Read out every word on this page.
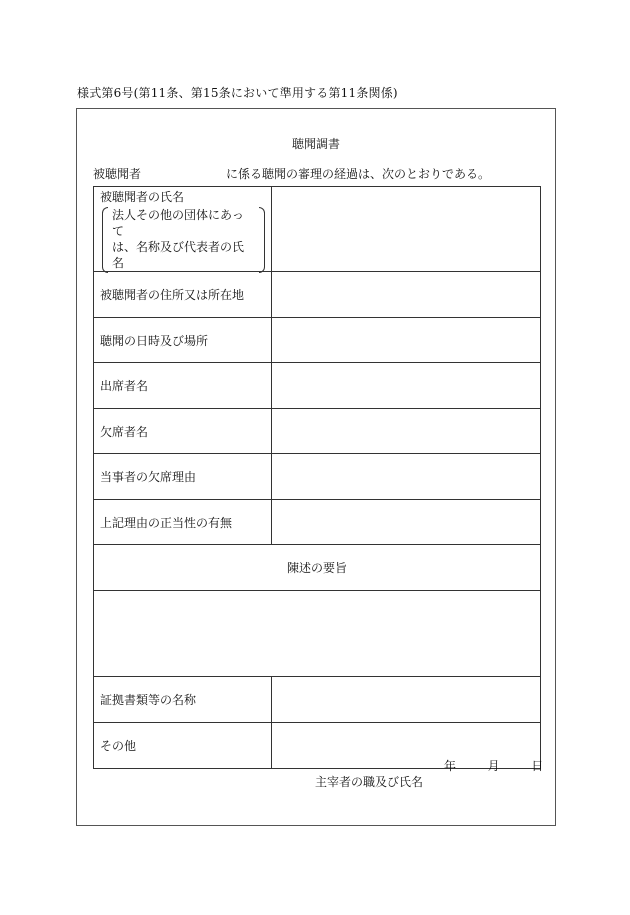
様式第6号(第11条、第15条において準用する第11条関係)
聴聞調書
被聴聞者	に係る聴聞の審理の経過は、次のとおりである。
被聴聞者の氏名
法人その他の団体にあって
は、名称及び代表者の氏名	

被聴聞者の住所又は所在地	
聴聞の日時及び場所	
出席者名	
欠席者名	
当事者の欠席理由	
上記理由の正当性の有無	
陳述の要旨	

証拠書類等の名称	
その他	
年	月	日
主宰者の職及び氏名
